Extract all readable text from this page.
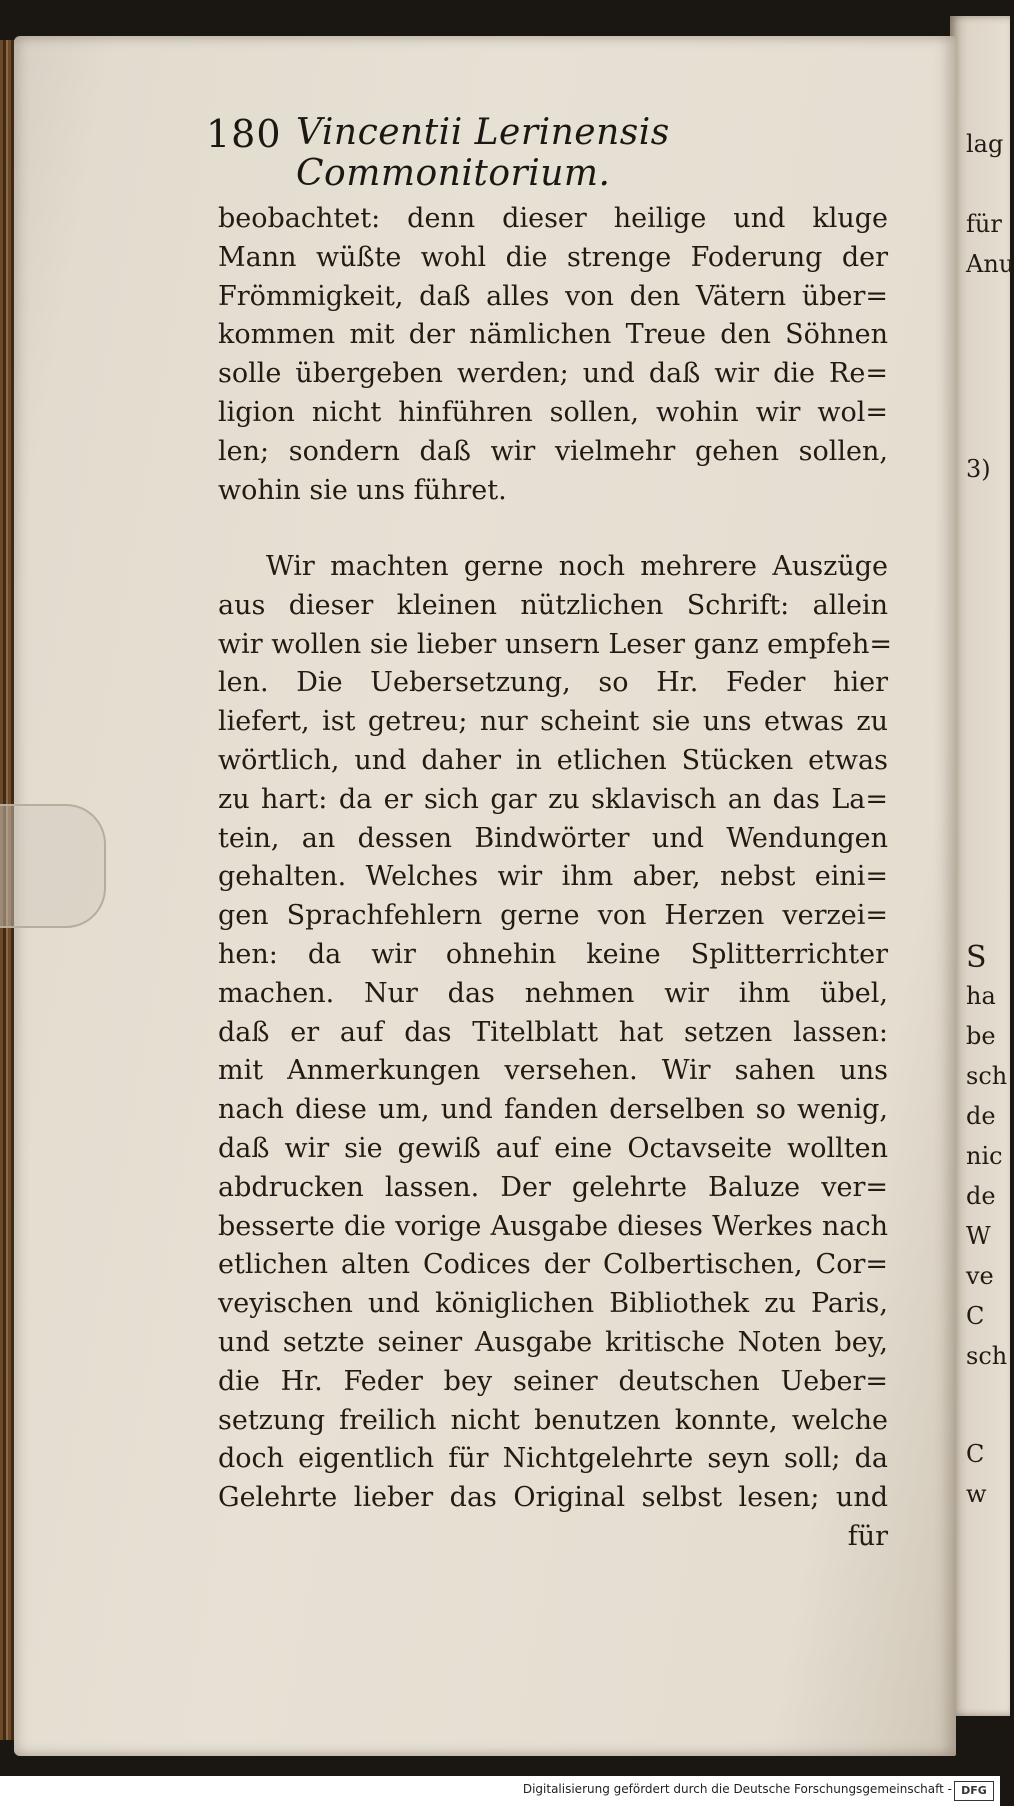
180 Vincentii Lerinensis Commonitorium.
beobachtet: denn dieser heilige und kluge
Mann wüßte wohl die strenge Foderung der
Frömmigkeit, daß alles von den Vätern über=
kommen mit der nämlichen Treue den Söhnen
solle übergeben werden; und daß wir die Re=
ligion nicht hinführen sollen, wohin wir wol=
len; sondern daß wir vielmehr gehen sollen,
wohin sie uns führet.
Wir machten gerne noch mehrere Auszüge
aus dieser kleinen nützlichen Schrift: allein
wir wollen sie lieber unsern Leser ganz empfeh=
len. Die Uebersetzung, so Hr. Feder hier
liefert, ist getreu; nur scheint sie uns etwas zu
wörtlich, und daher in etlichen Stücken etwas
zu hart: da er sich gar zu sklavisch an das La=
tein, an dessen Bindwörter und Wendungen
gehalten. Welches wir ihm aber, nebst eini=
gen Sprachfehlern gerne von Herzen verzei=
hen: da wir ohnehin keine Splitterrichter
machen. Nur das nehmen wir ihm übel,
daß er auf das Titelblatt hat setzen lassen:
mit Anmerkungen versehen. Wir sahen uns
nach diese um, und fanden derselben so wenig,
daß wir sie gewiß auf eine Octavseite wollten
abdrucken lassen. Der gelehrte Baluze ver=
besserte die vorige Ausgabe dieses Werkes nach
etlichen alten Codices der Colbertischen, Cor=
veyischen und königlichen Bibliothek zu Paris,
und setzte seiner Ausgabe kritische Noten bey,
die Hr. Feder bey seiner deutschen Ueber=
setzung freilich nicht benutzen konnte, welche
doch eigentlich für Nichtgelehrte seyn soll; da
Gelehrte lieber das Original selbst lesen; und
für
lag
für
Anu
3)
S
ha
be
sch
de
nic
de
W
ve
C
sch
C
w
Digitalisierung gefördert durch die Deutsche Forschungsgemeinschaft - DFG
